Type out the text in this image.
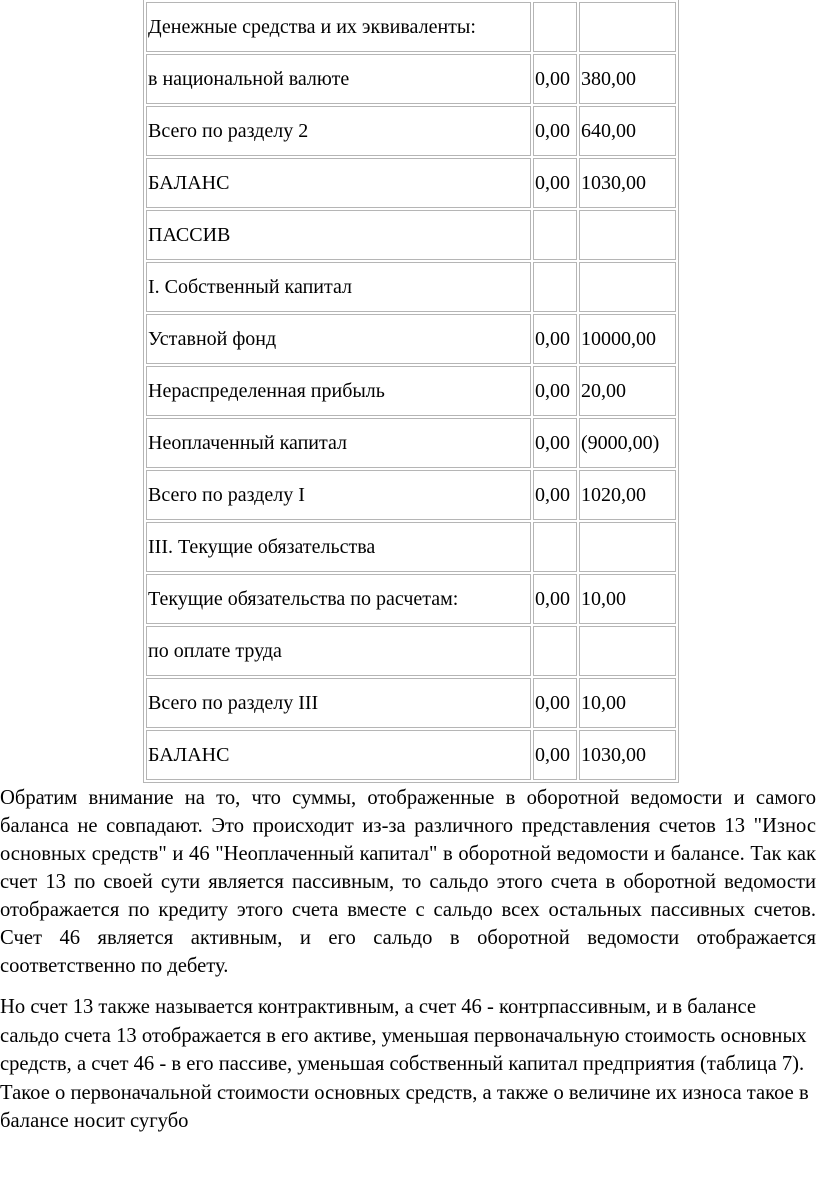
Денежные средства и их эквиваленты:		
в национальной валюте	0,00	380,00
Всего по разделу 2	0,00	640,00
БАЛАНС	0,00	1030,00
ПАССИВ		
I. Собственный капитал		
Уставной фонд	0,00	10000,00
Нераспределенная прибыль	0,00	20,00
Неоплаченный капитал	0,00	(9000,00)
Всего по разделу I	0,00	1020,00
III. Текущие обязательства		
Текущие обязательства по расчетам:	0,00	10,00
по оплате труда		
Всего по разделу III	0,00	10,00
БАЛАНС	0,00	1030,00

Обратим внимание на то, что суммы, отображенные в оборотной ведомости и самого баланса не совпадают. Это происходит из-за различного представления счетов 13 "Износ основных средств" и 46 "Неоплаченный капитал" в оборотной ведомости и балансе. Так как счет 13 по своей сути является пассивным, то сальдо этого счета в оборотной ведомости отображается по кредиту этого счета вместе с сальдо всех остальных пассивных счетов. Счет 46 является активным, и его сальдо в оборотной ведомости отображается соответственно по дебету.

Но счет 13 также называется контрактивным, а счет 46 - контрпассивным, и в балансе сальдо счета 13 отображается в его активе, уменьшая первоначальную стоимость основных средств, а счет 46 - в его пассиве, уменьшая собственный капитал предприятия (таблица 7). Такое о первоначальной стоимости основных средств, а также о величине их износа такое в балансе носит сугубо
